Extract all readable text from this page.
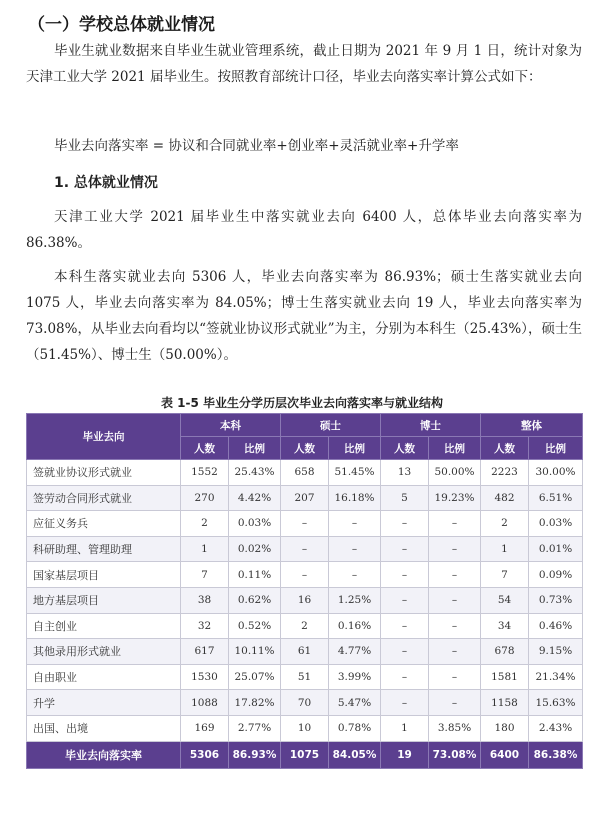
（一）学校总体就业情况

毕业生就业数据来自毕业生就业管理系统，截止日期为 2021 年 9 月 1 日，统计对象为天津工业大学 2021 届毕业生。按照教育部统计口径，毕业去向落实率计算公式如下：

毕业去向落实率 = 协议和合同就业率+创业率+灵活就业率+升学率
1. 总体就业情况

天津工业大学 2021 届毕业生中落实就业去向 6400 人，总体毕业去向落实率为 86.38%。

本科生落实就业去向 5306 人，毕业去向落实率为 86.93%；硕士生落实就业去向 1075 人，毕业去向落实率为 84.05%；博士生落实就业去向 19 人，毕业去向落实率为 73.08%，从毕业去向看均以“签就业协议形式就业”为主，分别为本科生（25.43%），硕士生（51.45%）、博士生（50.00%）。

表 1-5 毕业生分学历层次毕业去向落实率与就业结构
毕业去向	本科		硕士		博士		整体	
	人数	比例	人数	比例	人数	比例	人数	比例
签就业协议形式就业	1552	25.43%	658	51.45%	13	50.00%	2223	30.00%
签劳动合同形式就业	270	4.42%	207	16.18%	5	19.23%	482	6.51%
应征义务兵	2	0.03%	–	–	–	–	2	0.03%
科研助理、管理助理	1	0.02%	–	–	–	–	1	0.01%
国家基层项目	7	0.11%	–	–	–	–	7	0.09%
地方基层项目	38	0.62%	16	1.25%	–	–	54	0.73%
自主创业	32	0.52%	2	0.16%	–	–	34	0.46%
其他录用形式就业	617	10.11%	61	4.77%	–	–	678	9.15%
自由职业	1530	25.07%	51	3.99%	–	–	1581	21.34%
升学	1088	17.82%	70	5.47%	–	–	1158	15.63%
出国、出境	169	2.77%	10	0.78%	1	3.85%	180	2.43%
毕业去向落实率	5306	86.93%	1075	84.05%	19	73.08%	6400	86.38%
